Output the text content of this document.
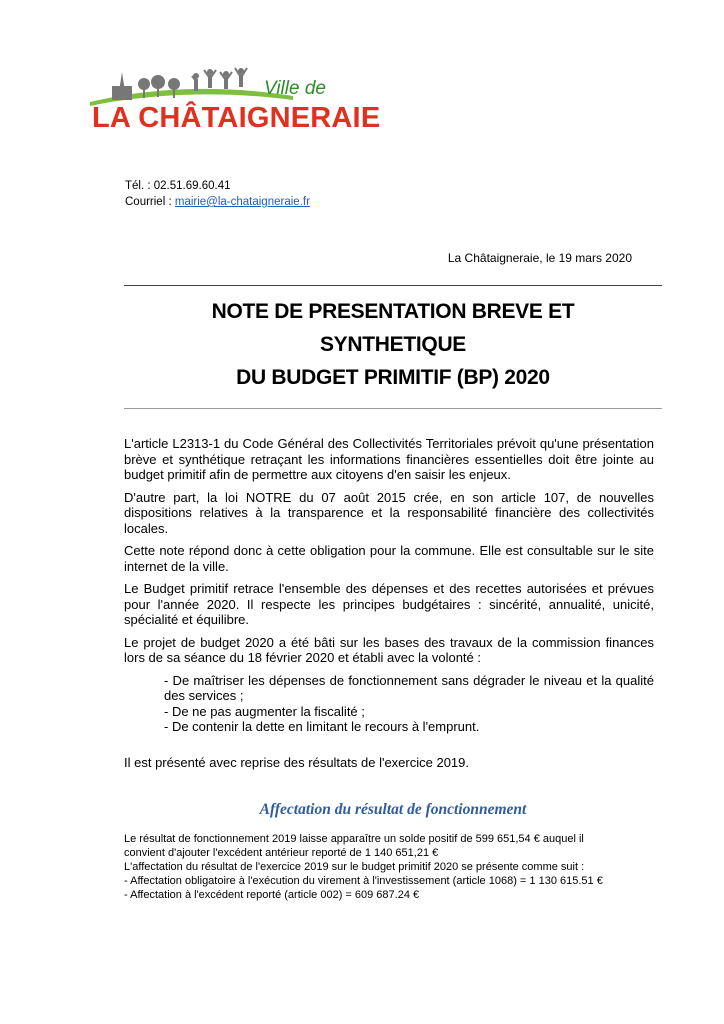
Ville de
LA CHÂTAIGNERAIE
Tél. : 02.51.69.60.41
Courriel : mairie@la-chataigneraie.fr
La Châtaigneraie, le 19 mars 2020
NOTE DE PRESENTATION BREVE ET
SYNTHETIQUE
DU BUDGET PRIMITIF (BP) 2020

L'article L2313-1 du Code Général des Collectivités Territoriales prévoit qu'une présentation brève et synthétique retraçant les informations financières essentielles doit être jointe au budget primitif afin de permettre aux citoyens d'en saisir les enjeux.

D'autre part, la loi NOTRE du 07 août 2015 crée, en son article 107, de nouvelles dispositions relatives à la transparence et la responsabilité financière des collectivités locales.

Cette note répond donc à cette obligation pour la commune. Elle est consultable sur le site internet de la ville.

Le Budget primitif retrace l'ensemble des dépenses et des recettes autorisées et prévues pour l'année 2020. Il respecte les principes budgétaires : sincérité, annualité, unicité, spécialité et équilibre.

Le projet de budget 2020 a été bâti sur les bases des travaux de la commission finances lors de sa séance du 18 février 2020 et établi avec la volonté :

- De maîtriser les dépenses de fonctionnement sans dégrader le niveau et la qualité des services ;
- De ne pas augmenter la fiscalité ;
- De contenir la dette en limitant le recours à l'emprunt.

Il est présenté avec reprise des résultats de l'exercice 2019.

Affectation du résultat de fonctionnement
Le résultat de fonctionnement 2019 laisse apparaître un solde positif de 599 651,54 € auquel il
convient d'ajouter l'excédent antérieur reporté de 1 140 651,21 €
L'affectation du résultat de l'exercice 2019 sur le budget primitif 2020 se présente comme suit :
- Affectation obligatoire à l'exécution du virement à l'investissement (article 1068) = 1 130 615.51 €
- Affectation à l'excédent reporté (article 002) = 609 687.24 €
